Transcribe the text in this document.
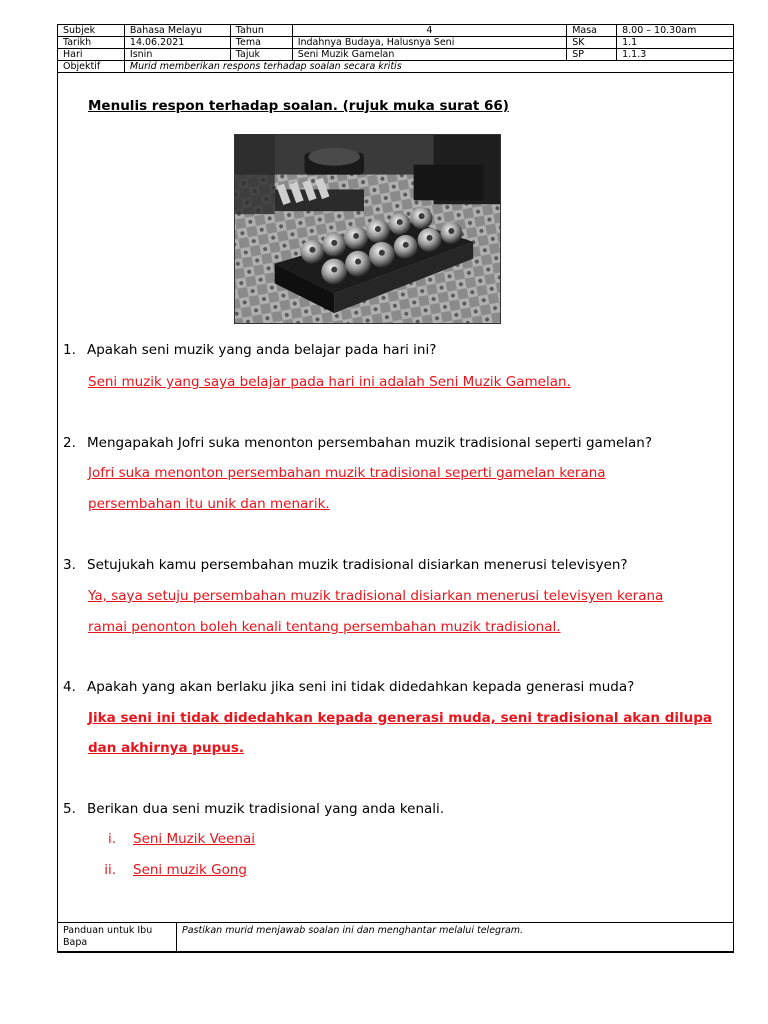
Subjek	Bahasa Melayu	Tahun	4	Masa	8.00 – 10.30am
Tarikh	14.06.2021	Tema	Indahnya Budaya, Halusnya Seni	SK	1.1
Hari	Isnin	Tajuk	Seni Muzik Gamelan	SP	1.1.3
Objektif	Murid memberikan respons terhadap soalan secara kritis				
Menulis respon terhadap soalan. (rujuk muka surat 66)
1. Apakah seni muzik yang anda belajar pada hari ini?
Seni muzik yang saya belajar pada hari ini adalah Seni Muzik Gamelan.
2. Mengapakah Jofri suka menonton persembahan muzik tradisional seperti gamelan?
Jofri suka menonton persembahan muzik tradisional seperti gamelan kerana
persembahan itu unik dan menarik.
3. Setujukah kamu persembahan muzik tradisional disiarkan menerusi televisyen?
Ya, saya setuju persembahan muzik tradisional disiarkan menerusi televisyen kerana
ramai penonton boleh kenali tentang persembahan muzik tradisional.
4. Apakah yang akan berlaku jika seni ini tidak didedahkan kepada generasi muda?
Jika seni ini tidak didedahkan kepada generasi muda, seni tradisional akan dilupa
dan akhirnya pupus.
5. Berikan dua seni muzik tradisional yang anda kenali.
i. Seni Muzik Veenai
ii. Seni muzik Gong
Panduan untuk Ibu
Bapa	Pastikan murid menjawab soalan ini dan menghantar melalui telegram.
